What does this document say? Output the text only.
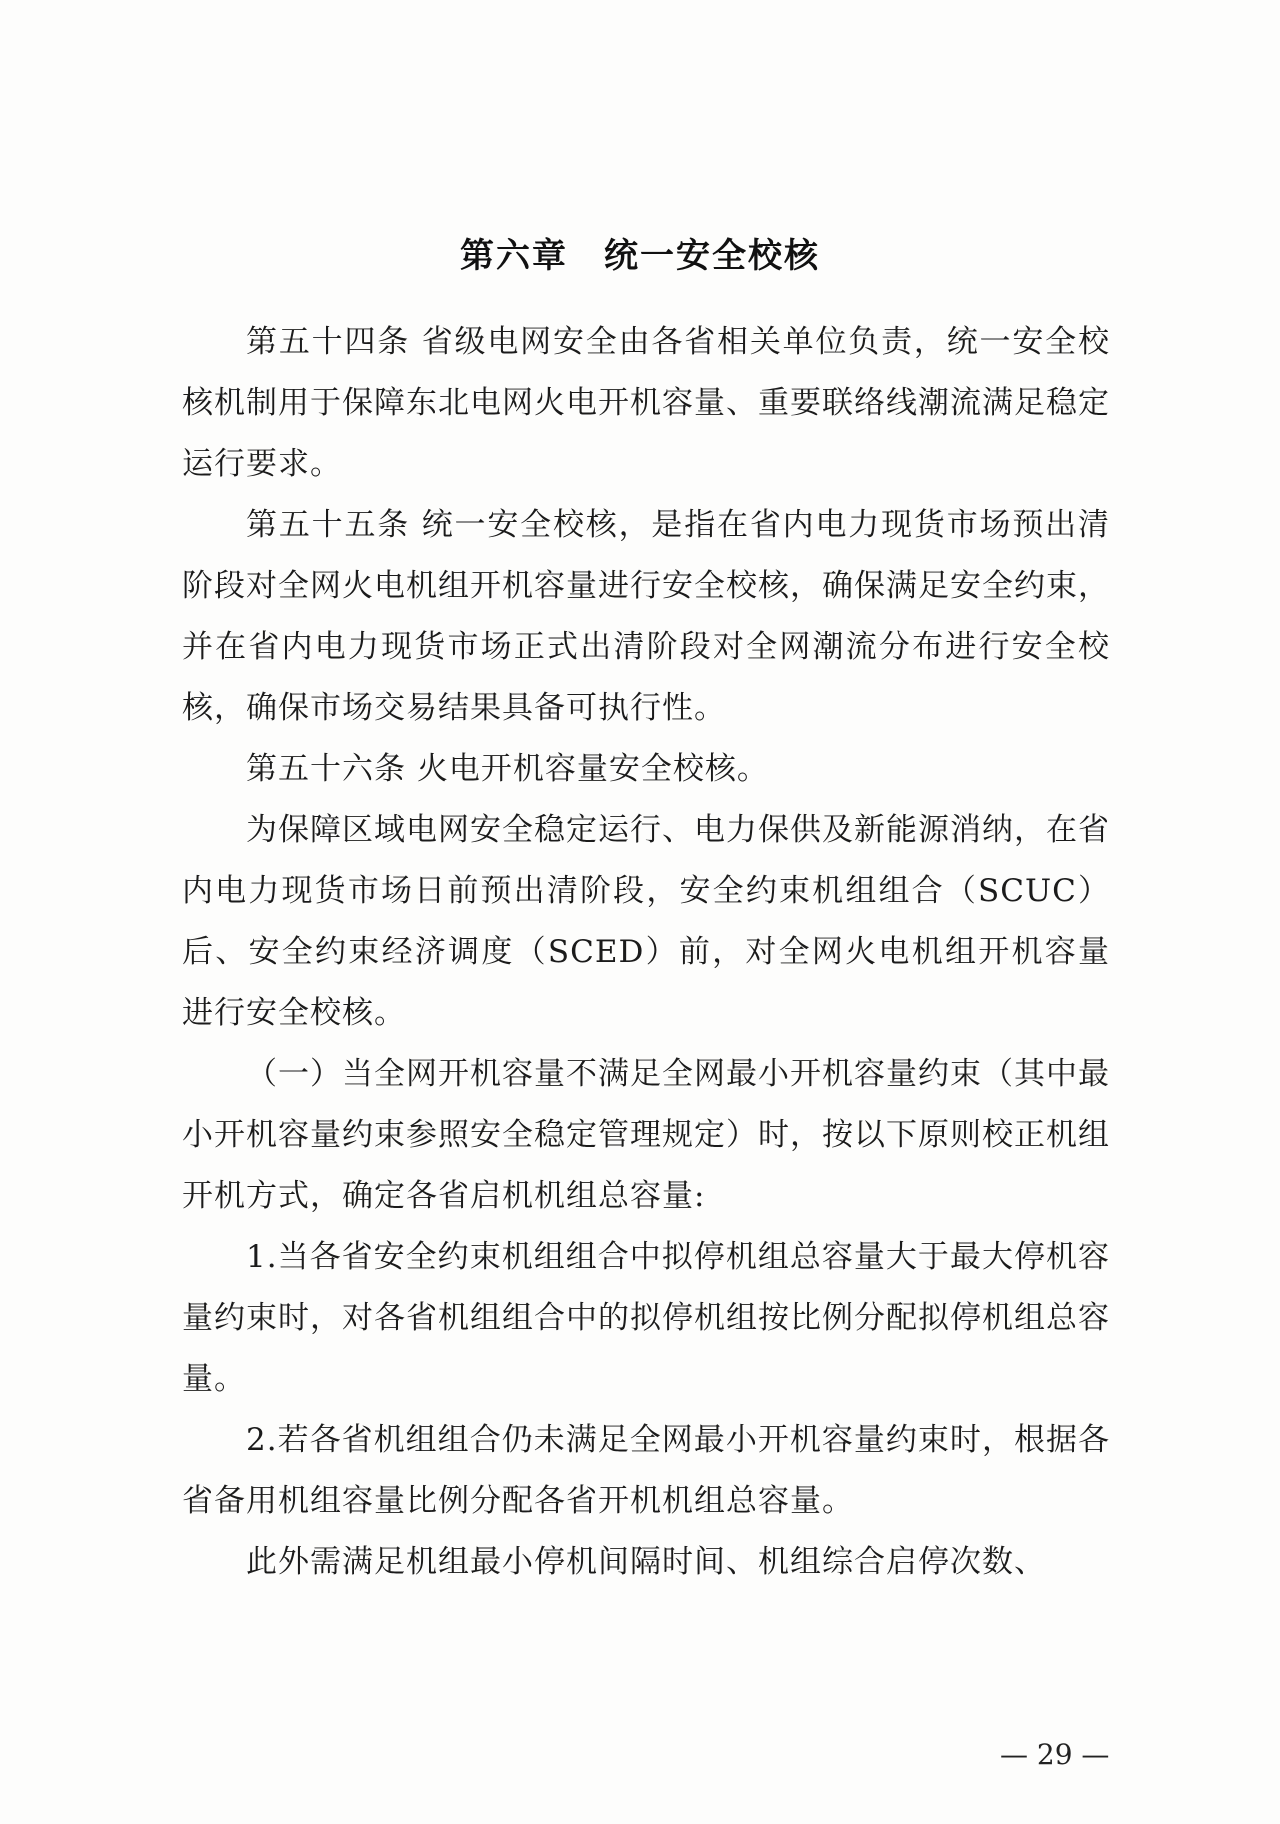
第六章　统一安全校核

第五十四条 省级电网安全由各省相关单位负责，统一安全校核机制用于保障东北电网火电开机容量、重要联络线潮流满足稳定运行要求。

第五十五条 统一安全校核，是指在省内电力现货市场预出清阶段对全网火电机组开机容量进行安全校核，确保满足安全约束，并在省内电力现货市场正式出清阶段对全网潮流分布进行安全校核，确保市场交易结果具备可执行性。

第五十六条 火电开机容量安全校核。

为保障区域电网安全稳定运行、电力保供及新能源消纳，在省内电力现货市场日前预出清阶段，安全约束机组组合（SCUC）后、安全约束经济调度（SCED）前，对全网火电机组开机容量进行安全校核。

（一）当全网开机容量不满足全网最小开机容量约束（其中最小开机容量约束参照安全稳定管理规定）时，按以下原则校正机组开机方式，确定各省启机机组总容量:

1.当各省安全约束机组组合中拟停机组总容量大于最大停机容量约束时，对各省机组组合中的拟停机组按比例分配拟停机组总容量。

2.若各省机组组合仍未满足全网最小开机容量约束时，根据各省备用机组容量比例分配各省开机机组总容量。

此外需满足机组最小停机间隔时间、机组综合启停次数、

— 29 —
